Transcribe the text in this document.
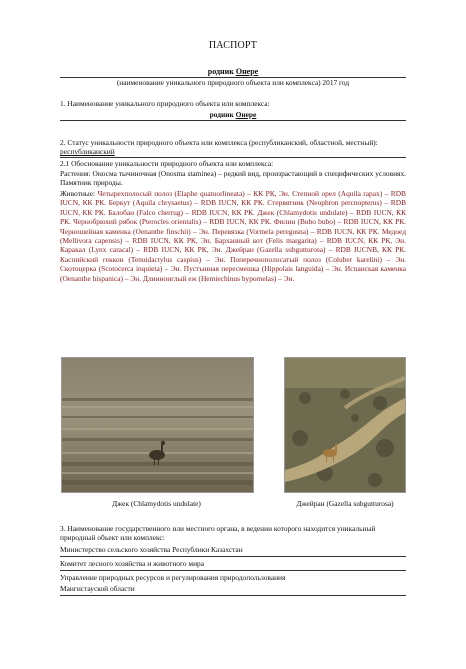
ПАСПОРТ
родник Онере
(наименование уникального природного объекта или комплекса) 2017 год
1. Наименование уникального природного объекта или комплекса:
родник Онере
2. Статус уникальности природного объекта или комплекса (республиканский, областной, местный): республиканский
2.1 Обоснование уникальности природного объекта или комплекса:
Растения: Оносма тычиночная (Onosma staminea) – редкий вид, произрастающий в специфических условиях. Памятник природы.
Животные: Четырехполосый полоз (Elaphe quatuorlineata) – КК РК, Эн. Степной орел (Aquila rapax) – RDB IUCN, КК РК. Беркут (Aquila chrysaetus) – RDB IUCN, КК РК. Стервятник (Neophron percnopterus) – RDB IUCN, КК РК. Балобан (Falco cherrug) – RDB IUCN, КК РК. Джек (Chlamydotis undulate) – RDB IUCN, КК РК. Чернобрюхий рябок (Pterocles orientalis) – RDB IUCN, КК РК. Филин (Bubo bubo) – RDB IUCN, КК РК. Черношейная каменка (Oenanthe finschii) – Эн. Перевязка (Vormela peregusna) – RDB IUCN, КК РК. Медоед (Mellivora capensis) – RDB IUCN, КК РК, Эн. Барханный кот (Felis margarita) – RDB IUCN, КК РК, Эн. Каракал (Lynx caracal) – RDB IUCN, КК РК, Эн. Джейран (Gazella subgutturosa) – RDB IUCNВ, КК РК. Каспийский геккон (Tenuidactylus caspius) – Эн. Поперечнополосатый полоз (Coluber karelini) – Эн. Скотоцерка (Scotocerca inquieta) – Эн. Пустынная пересмешка (Hippolais languida) – Эн. Испанская каменка (Oenanthe hispanica) – Эн. Длинноиглый еж (Hemiechinus hypomelas) – Эн.
Джек (Chlamydotis undulate)	Джейран (Gazella subgutturosa)
3. Наименование государственного или местного органа, в ведении которого находится уникальный природный объект или комплекс:
Министерство сельского хозяйства Республики Казахстан
Комитет лесного хозяйства и животного мира
Управление природных ресурсов и регулирования природопользования
Мангистауской области
